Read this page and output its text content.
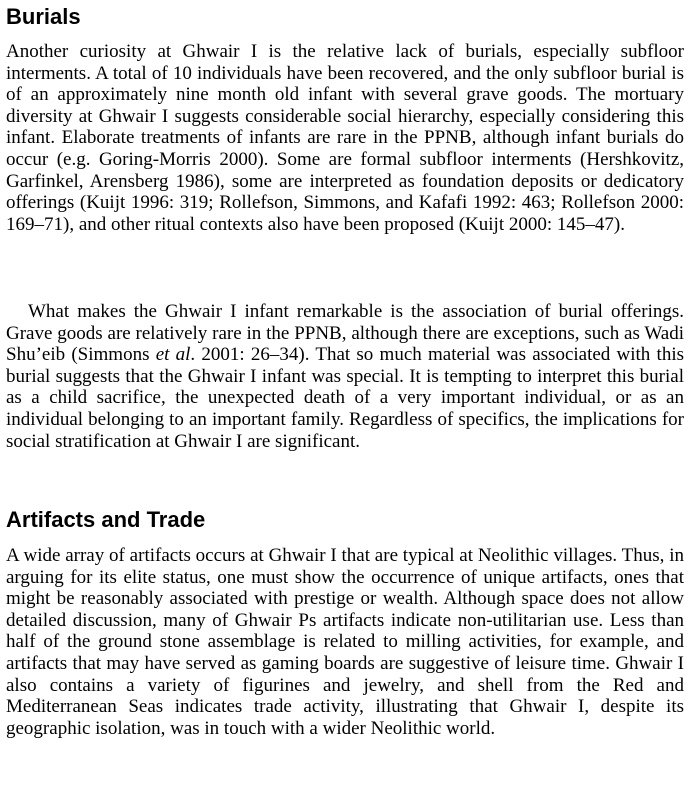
Burials

Another curiosity at Ghwair I is the relative lack of burials, especially subfloor interments. A total of 10 individuals have been recovered, and the only subfloor burial is of an approximately nine month old infant with several grave goods. The mortuary diversity at Ghwair I suggests considerable social hierarchy, especially considering this infant. Elaborate treatments of infants are rare in the PPNB, although infant burials do occur (e.g. Goring-Morris 2000). Some are formal subfloor interments (Hershkovitz, Garfinkel, Arensberg 1986), some are interpreted as foundation deposits or dedicatory offerings (Kuijt 1996: 319; Rollefson, Simmons, and Kafafi 1992: 463; Rollefson 2000: 169–71), and other ritual contexts also have been proposed (Kuijt 2000: 145–47).

What makes the Ghwair I infant remarkable is the association of burial offerings. Grave goods are relatively rare in the PPNB, although there are exceptions, such as Wadi Shu’eib (Simmons et al. 2001: 26–34). That so much material was associated with this burial suggests that the Ghwair I infant was special. It is tempting to interpret this burial as a child sacrifice, the unexpected death of a very important individual, or as an individual belonging to an important family. Regardless of specifics, the implications for social stratification at Ghwair I are significant.

Artifacts and Trade

A wide array of artifacts occurs at Ghwair I that are typical at Neolithic villages. Thus, in arguing for its elite status, one must show the occurrence of unique artifacts, ones that might be reasonably associated with prestige or wealth. Although space does not allow detailed discussion, many of Ghwair Ps artifacts indicate non-utilitarian use. Less than half of the ground stone assemblage is related to milling activities, for example, and artifacts that may have served as gaming boards are suggestive of leisure time. Ghwair I also contains a variety of figurines and jewelry, and shell from the Red and Mediterranean Seas indicates trade activity, illustrating that Ghwair I, despite its geographic isolation, was in touch with a wider Neolithic world.
